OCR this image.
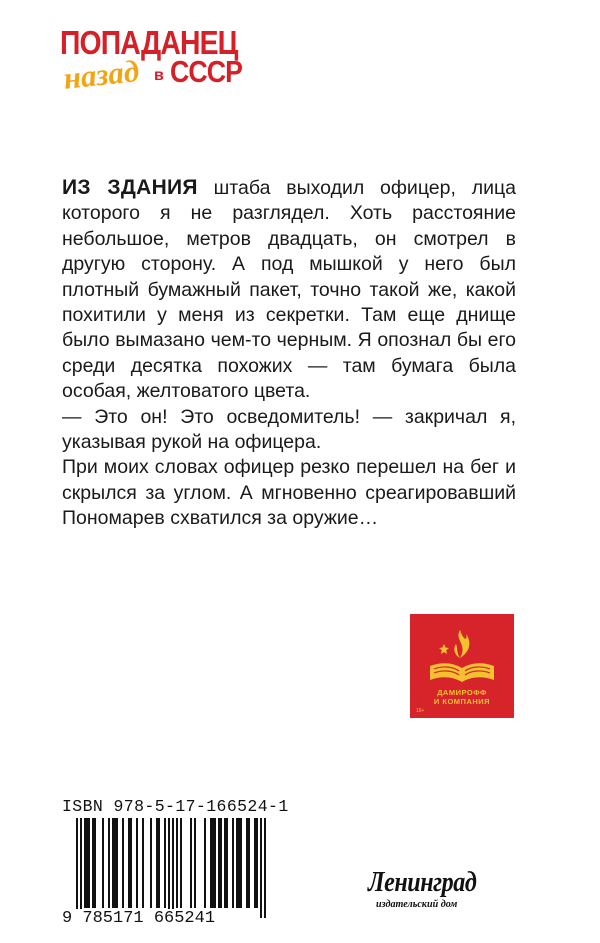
ПОПАДАНЕЦ
назад в СССР

ИЗ ЗДАНИЯ штаба выходил офицер, лица которого я не разглядел. Хоть расстояние небольшое, метров двадцать, он смотрел в другую сторону. А под мышкой у него был плотный бумажный пакет, точно такой же, какой похитили у меня из секретки. Там еще днище было вымазано чем-то черным. Я опознал бы его среди десятка похожих — там бумага была особая, желтоватого цвета.

— Это он! Это осведомитель! — закричал я, указывая рукой на офицера.

При моих словах офицер резко перешел на бег и скрылся за углом. А мгновенно среагировавший Пономарев схватился за оружие…

ДАМИРОФФ
И КОМПАНИЯ
16+
ISBN 978-5-17-166524-1
9 785171 665241
Ленинград
издательский дом
